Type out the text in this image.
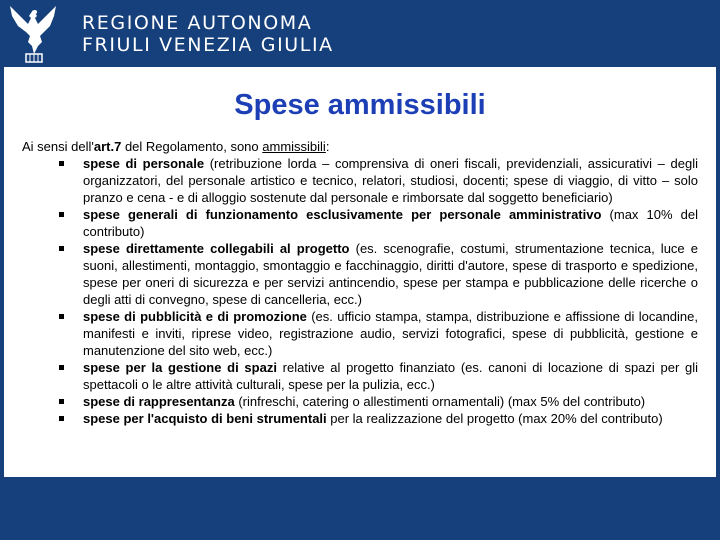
REGIONE AUTONOMA
FRIULI VENEZIA GIULIA
Spese ammissibili

Ai sensi dell'art.7 del Regolamento, sono ammissibili:

spese di personale (retribuzione lorda – comprensiva di oneri fiscali, previdenziali, assicurativi – degli organizzatori, del personale artistico e tecnico, relatori, studiosi, docenti; spese di viaggio, di vitto – solo pranzo e cena - e di alloggio sostenute dal personale e rimborsate dal soggetto beneficiario)
spese generali di funzionamento esclusivamente per personale amministrativo (max 10% del contributo)
spese direttamente collegabili al progetto (es. scenografie, costumi, strumentazione tecnica, luce e suoni, allestimenti, montaggio, smontaggio e facchinaggio, diritti d'autore, spese di trasporto e spedizione, spese per oneri di sicurezza e per servizi antincendio, spese per stampa e pubblicazione delle ricerche o degli atti di convegno, spese di cancelleria, ecc.)
spese di pubblicità e di promozione (es. ufficio stampa, stampa, distribuzione e affissione di locandine, manifesti e inviti, riprese video, registrazione audio, servizi fotografici, spese di pubblicità, gestione e manutenzione del sito web, ecc.)
spese per la gestione di spazi relative al progetto finanziato (es. canoni di locazione di spazi per gli spettacoli o le altre attività culturali, spese per la pulizia, ecc.)
spese di rappresentanza (rinfreschi, catering o allestimenti ornamentali) (max 5% del contributo)
spese per l'acquisto di beni strumentali per la realizzazione del progetto (max 20% del contributo)
